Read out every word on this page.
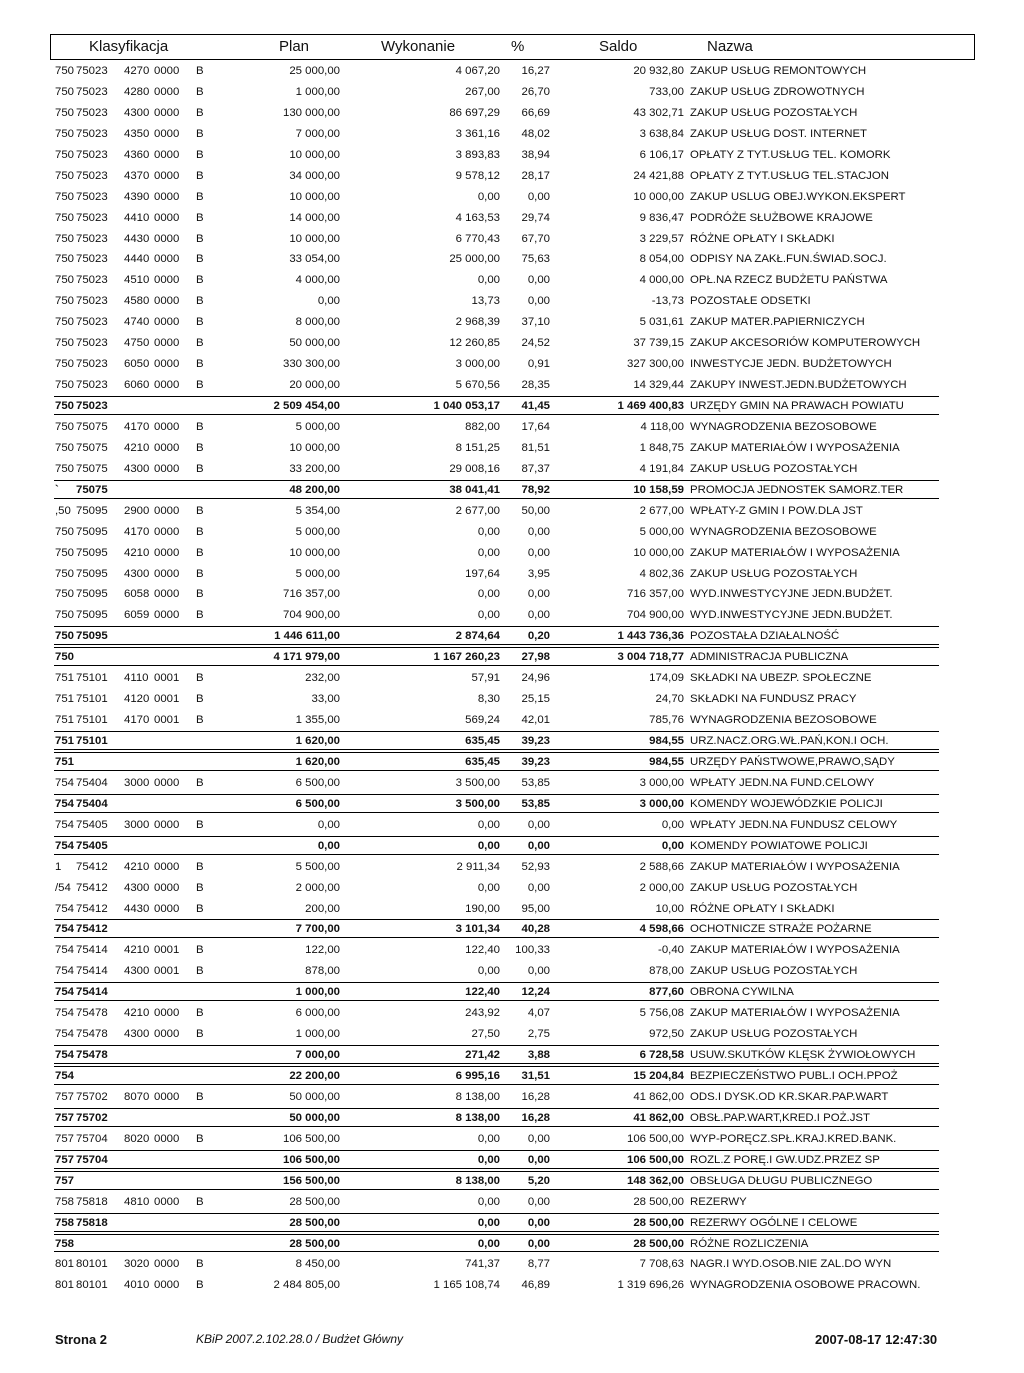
Klasyfikacja	Plan	Wykonanie	%	Saldo	Nazwa
750 75023 4270 0000 B	25 000,00	4 067,20	16,27	20 932,80 ZAKUP USŁUG REMONTOWYCH
750 75023 4280 0000 B	1 000,00	267,00	26,70	733,00 ZAKUP USŁUG ZDROWOTNYCH
750 75023 4300 0000 B	130 000,00	86 697,29	66,69	43 302,71 ZAKUP USŁUG POZOSTAŁYCH
750 75023 4350 0000 B	7 000,00	3 361,16	48,02	3 638,84 ZAKUP USŁUG DOST. INTERNET
750 75023 4360 0000 B	10 000,00	3 893,83	38,94	6 106,17 OPŁATY Z TYT.USŁUG TEL. KOMORK
750 75023 4370 0000 B	34 000,00	9 578,12	28,17	24 421,88 OPŁATY Z TYT.USŁUG TEL.STACJON
750 75023 4390 0000 B	10 000,00	0,00	0,00	10 000,00 ZAKUP USLUG OBEJ.WYKON.EKSPERT
750 75023 4410 0000 B	14 000,00	4 163,53	29,74	9 836,47 PODRÓŻE SŁUŻBOWE KRAJOWE
750 75023 4430 0000 B	10 000,00	6 770,43	67,70	3 229,57 RÓŻNE OPŁATY I SKŁADKI
750 75023 4440 0000 B	33 054,00	25 000,00	75,63	8 054,00 ODPISY NA ZAKŁ.FUN.ŚWIAD.SOCJ.
750 75023 4510 0000 B	4 000,00	0,00	0,00	4 000,00 OPŁ.NA RZECZ BUDŻETU PAŃSTWA
750 75023 4580 0000 B	0,00	13,73	0,00	-13,73 POZOSTAŁE ODSETKI
750 75023 4740 0000 B	8 000,00	2 968,39	37,10	5 031,61 ZAKUP MATER.PAPIERNICZYCH
750 75023 4750 0000 B	50 000,00	12 260,85	24,52	37 739,15 ZAKUP AKCESORIÓW KOMPUTEROWYCH
750 75023 6050 0000 B	330 300,00	3 000,00	0,91	327 300,00 INWESTYCJE JEDN. BUDŻETOWYCH
750 75023 6060 0000 B	20 000,00	5 670,56	28,35	14 329,44 ZAKUPY INWEST.JEDN.BUDŻETOWYCH
750 75023	2 509 454,00	1 040 053,17	41,45	1 469 400,83 URZĘDY GMIN NA PRAWACH POWIATU
750 75075 4170 0000 B	5 000,00	882,00	17,64	4 118,00 WYNAGRODZENIA BEZOSOBOWE
750 75075 4210 0000 B	10 000,00	8 151,25	81,51	1 848,75 ZAKUP MATERIAŁÓW I WYPOSAŻENIA
750 75075 4300 0000 B	33 200,00	29 008,16	87,37	4 191,84 ZAKUP USŁUG POZOSTAŁYCH
` 75075	48 200,00	38 041,41	78,92	10 158,59 PROMOCJA JEDNOSTEK SAMORZ.TER
,50 75095 2900 0000 B	5 354,00	2 677,00	50,00	2 677,00 WPŁATY-Z GMIN I POW.DLA JST
750 75095 4170 0000 B	5 000,00	0,00	0,00	5 000,00 WYNAGRODZENIA BEZOSOBOWE
750 75095 4210 0000 B	10 000,00	0,00	0,00	10 000,00 ZAKUP MATERIAŁÓW I WYPOSAŻENIA
750 75095 4300 0000 B	5 000,00	197,64	3,95	4 802,36 ZAKUP USŁUG POZOSTAŁYCH
750 75095 6058 0000 B	716 357,00	0,00	0,00	716 357,00 WYD.INWESTYCYJNE JEDN.BUDŻET.
750 75095 6059 0000 B	704 900,00	0,00	0,00	704 900,00 WYD.INWESTYCYJNE JEDN.BUDŻET.
750 75095	1 446 611,00	2 874,64	0,20	1 443 736,36 POZOSTAŁA DZIAŁALNOŚĆ
750	4 171 979,00	1 167 260,23	27,98	3 004 718,77 ADMINISTRACJA PUBLICZNA
751 75101 4110 0001 B	232,00	57,91	24,96	174,09 SKŁADKI NA UBEZP. SPOŁECZNE
751 75101 4120 0001 B	33,00	8,30	25,15	24,70 SKŁADKI NA FUNDUSZ PRACY
751 75101 4170 0001 B	1 355,00	569,24	42,01	785,76 WYNAGRODZENIA BEZOSOBOWE
751 75101	1 620,00	635,45	39,23	984,55 URZ.NACZ.ORG.WŁ.PAŃ,KON.I OCH.
751	1 620,00	635,45	39,23	984,55 URZĘDY PAŃSTWOWE,PRAWO,SĄDY
754 75404 3000 0000 B	6 500,00	3 500,00	53,85	3 000,00 WPŁATY JEDN.NA FUND.CELOWY
754 75404	6 500,00	3 500,00	53,85	3 000,00 KOMENDY WOJEWÓDZKIE POLICJI
754 75405 3000 0000 B	0,00	0,00	0,00	0,00 WPŁATY JEDN.NA FUNDUSZ CELOWY
754 75405	0,00	0,00	0,00	0,00 KOMENDY POWIATOWE POLICJI
1 75412 4210 0000 B	5 500,00	2 911,34	52,93	2 588,66 ZAKUP MATERIAŁÓW I WYPOSAŻENIA
/54 75412 4300 0000 B	2 000,00	0,00	0,00	2 000,00 ZAKUP USŁUG POZOSTAŁYCH
754 75412 4430 0000 B	200,00	190,00	95,00	10,00 RÓŻNE OPŁATY I SKŁADKI
754 75412	7 700,00	3 101,34	40,28	4 598,66 OCHOTNICZE STRAŻE POŻARNE
754 75414 4210 0001 B	122,00	122,40	100,33	-0,40 ZAKUP MATERIAŁÓW I WYPOSAŻENIA
754 75414 4300 0001 B	878,00	0,00	0,00	878,00 ZAKUP USŁUG POZOSTAŁYCH
754 75414	1 000,00	122,40	12,24	877,60 OBRONA CYWILNA
754 75478 4210 0000 B	6 000,00	243,92	4,07	5 756,08 ZAKUP MATERIAŁÓW I WYPOSAŻENIA
754 75478 4300 0000 B	1 000,00	27,50	2,75	972,50 ZAKUP USŁUG POZOSTAŁYCH
754 75478	7 000,00	271,42	3,88	6 728,58 USUW.SKUTKÓW KLĘSK ŻYWIOŁOWYCH
754	22 200,00	6 995,16	31,51	15 204,84 BEZPIECZEŃSTWO PUBL.I OCH.PPOŻ
757 75702 8070 0000 B	50 000,00	8 138,00	16,28	41 862,00 ODS.I DYSK.OD KR.SKAR.PAP.WART
757 75702	50 000,00	8 138,00	16,28	41 862,00 OBSŁ.PAP.WART,KRED.I POŻ.JST
757 75704 8020 0000 B	106 500,00	0,00	0,00	106 500,00 WYP-PORĘCZ.SPŁ.KRAJ.KRED.BANK.
757 75704	106 500,00	0,00	0,00	106 500,00 ROZL.Z PORĘ.I GW.UDZ.PRZEZ SP
757	156 500,00	8 138,00	5,20	148 362,00 OBSŁUGA DŁUGU PUBLICZNEGO
758 75818 4810 0000 B	28 500,00	0,00	0,00	28 500,00 REZERWY
758 75818	28 500,00	0,00	0,00	28 500,00 REZERWY OGÓLNE I CELOWE
758	28 500,00	0,00	0,00	28 500,00 RÓŻNE ROZLICZENIA
801 80101 3020 0000 B	8 450,00	741,37	8,77	7 708,63 NAGR.I WYD.OSOB.NIE ZAL.DO WYN
801 80101 4010 0000 B	2 484 805,00	1 165 108,74	46,89	1 319 696,26 WYNAGRODZENIA OSOBOWE PRACOWN.
Strona 2	KBiP 2007.2.102.28.0 / Budżet Główny	2007-08-17 12:47:30
